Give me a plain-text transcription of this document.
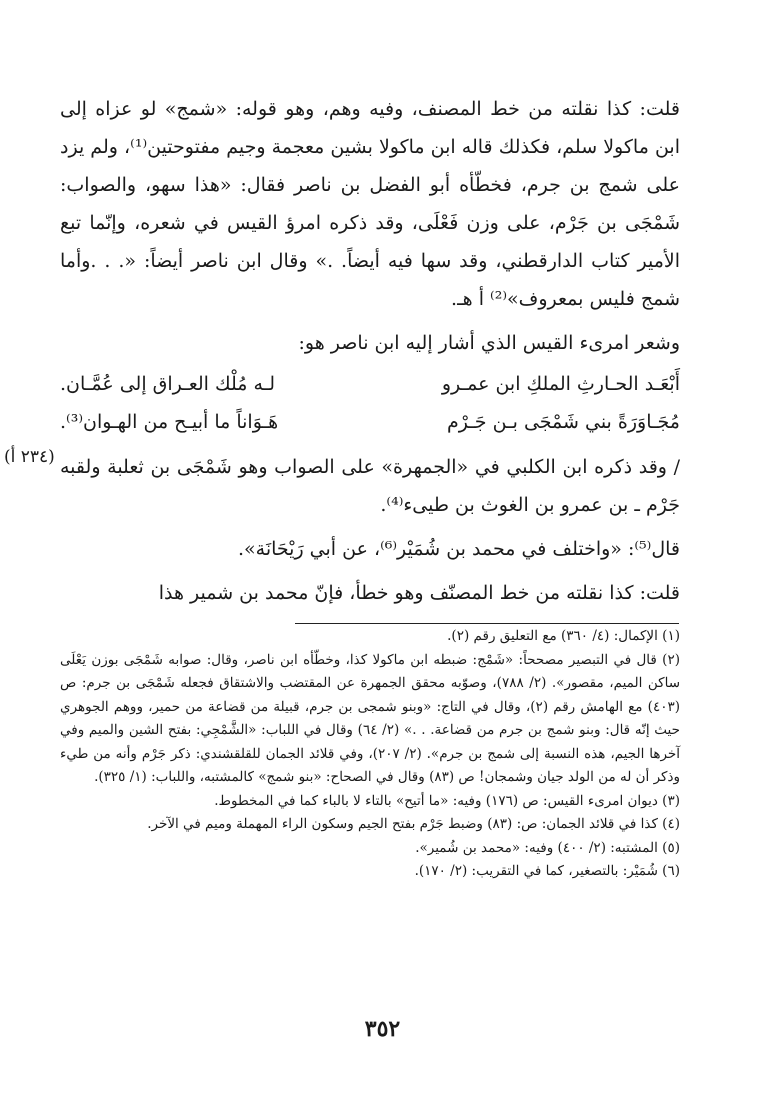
قلت: كذا نقلته من خط المصنف، وفيه وهم، وهو قوله: «شمج» لو عزاه إلى ابن ماكولا سلم، فكذلك قاله ابن ماكولا بشين معجمة وجيم مفتوحتين⁽¹⁾، ولم يزد على شمج بن جرم، فخطّأه أبو الفضل بن ناصر فقال: «هذا سهو، والصواب: شَمْجَى بن جَرْم، على وزن فَعْلَى، وقد ذكره امرؤ القيس في شعره، وإنّما تبع الأمير كتاب الدارقطني، وقد سها فيه أيضاً. .» وقال ابن ناصر أيضاً: «. . .وأما شمج فليس بمعروف»⁽²⁾ أ هـ.

وشعر امرىء القيس الذي أشار إليه ابن ناصر هو:

أَبْعَـد الحـارثِ الملكِ ابن عمـرو
لـه مُلْك العـراق إلى عُمَّـان.
مُجَـاوَرَةً بني شَمْجَى بـن جَـرْم
هَـوَاناً ما أبيـح من الهـوان⁽³⁾.

/ وقد ذكره ابن الكلبي في «الجمهرة» على الصواب وهو شَمْجَى بن ثعلبة ولقبه جَرْم ـ بن عمرو بن الغوث بن طيىء⁽⁴⁾.

قال⁽⁵⁾: «واختلف في محمد بن شُمَيْر⁽⁶⁾، عن أبي رَيْحَانَة».

قلت: كذا نقلته من خط المصنّف وهو خطأ، فإنّ محمد بن شمير هذا

(٢٣٤ أ)

(١) الإكمال: (٤/ ٣٦٠) مع التعليق رقم (٢).

(٢) قال في التبصير مصححاً: «شَمْج: ضبطه ابن ماكولا كذا، وخطّأه ابن ناصر، وقال: صوابه شَمْجَى بوزن يَعْلَى ساكن الميم، مقصور». (٢/ ٧٨٨)، وصوّبه محقق الجمهرة عن المقتضب والاشتقاق فجعله شَمْجَى بن جرم: ص (٤٠٣) مع الهامش رقم (٢)، وقال في التاج: «وبنو شمجى بن جرم، قبيلة من قضاعة من حمير، ووهم الجوهري حيث إنّه قال: وبنو شمج بن جرم من قضاعة. . .» (٢/ ٦٤) وقال في اللباب: «الشَّمْجِي: بفتح الشين والميم وفي آخرها الجيم، هذه النسبة إلى شمج بن جرم». (٢/ ٢٠٧)، وفي قلائد الجمان للقلقشندي: ذكر جَرْم وأنه من طيء وذكر أن له من الولد جيان وشمجان! ص (٨٣) وقال في الصحاح: «بنو شمج» كالمشتبه، واللباب: (١/ ٣٢٥).

(٣) ديوان امرىء القيس: ص (١٧٦) وفيه: «ما أتيح» بالتاء لا بالباء كما في المخطوط.

(٤) كذا في قلائد الجمان: ص: (٨٣) وضبط جَرْم بفتح الجيم وسكون الراء المهملة وميم في الآخر.

(٥) المشتبه: (٢/ ٤٠٠) وفيه: «محمد بن شُمير».

(٦) شُمَيْر: بالتصغير، كما في التقريب: (٢/ ١٧٠).

٣٥٢
